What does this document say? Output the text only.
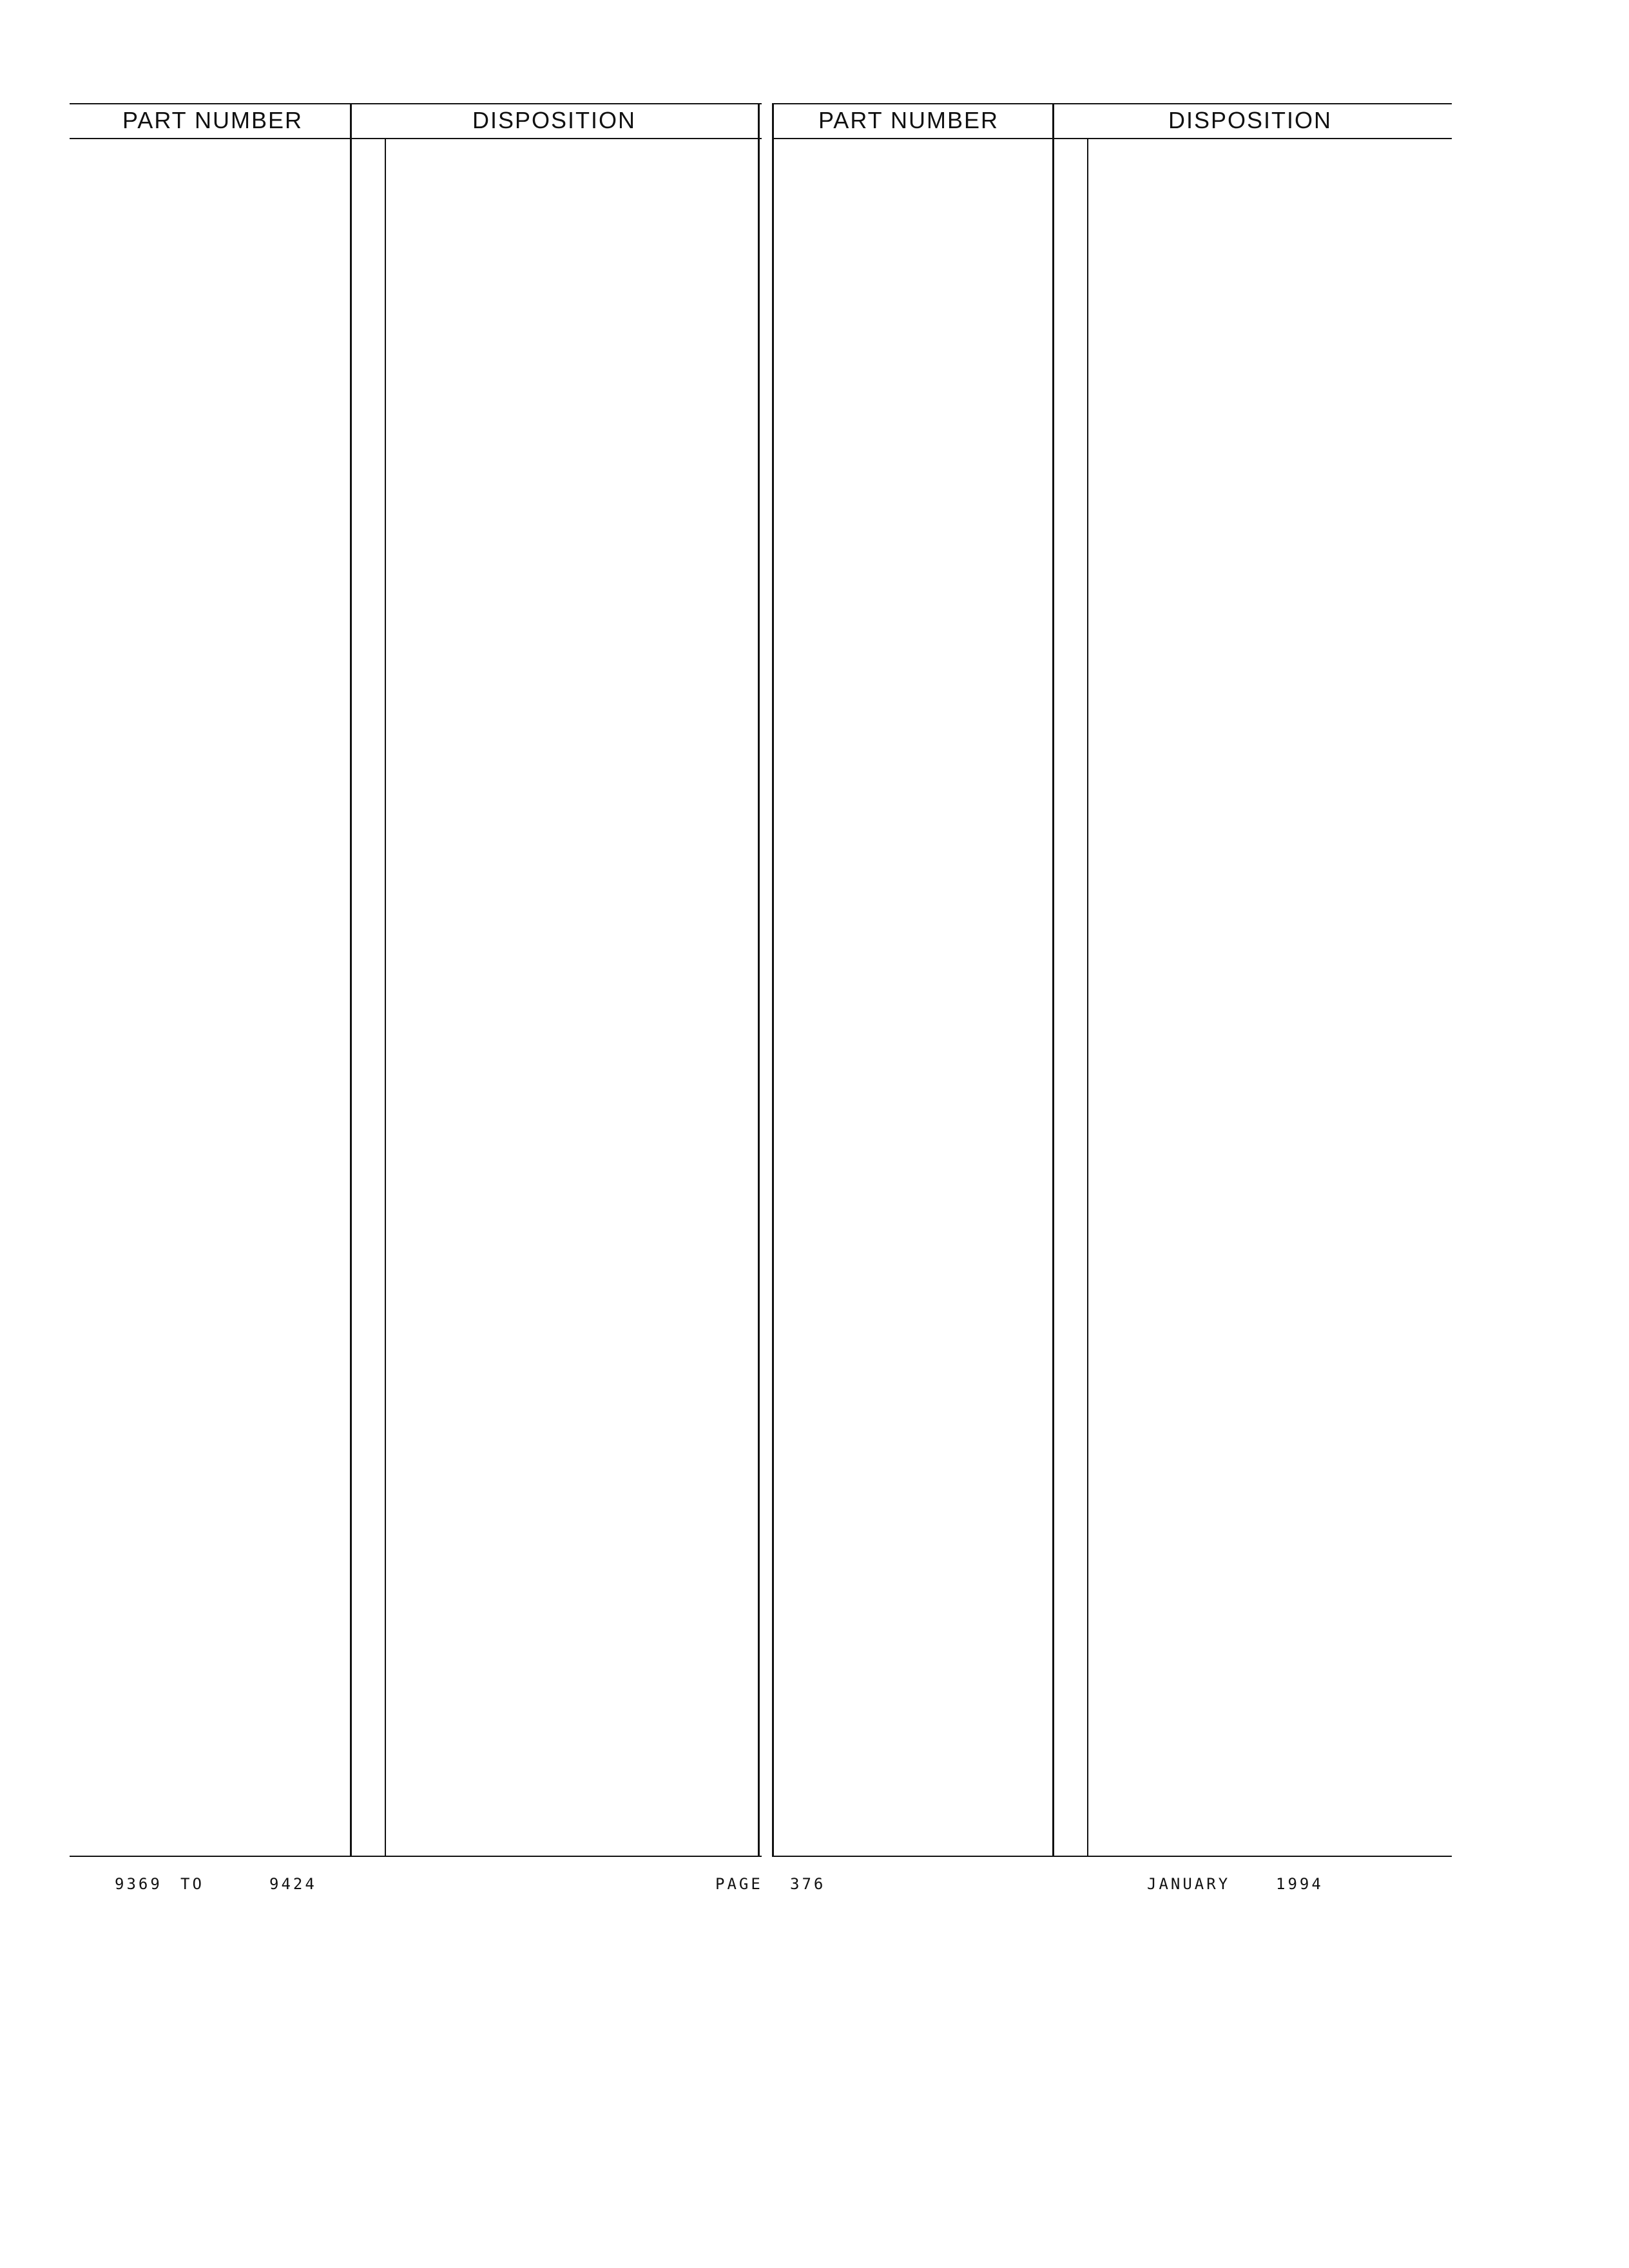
PART NUMBER	DISPOSITION	PART NUMBER	DISPOSITION
9369 TO	9424	PAGE 376	JANUARY	1994
